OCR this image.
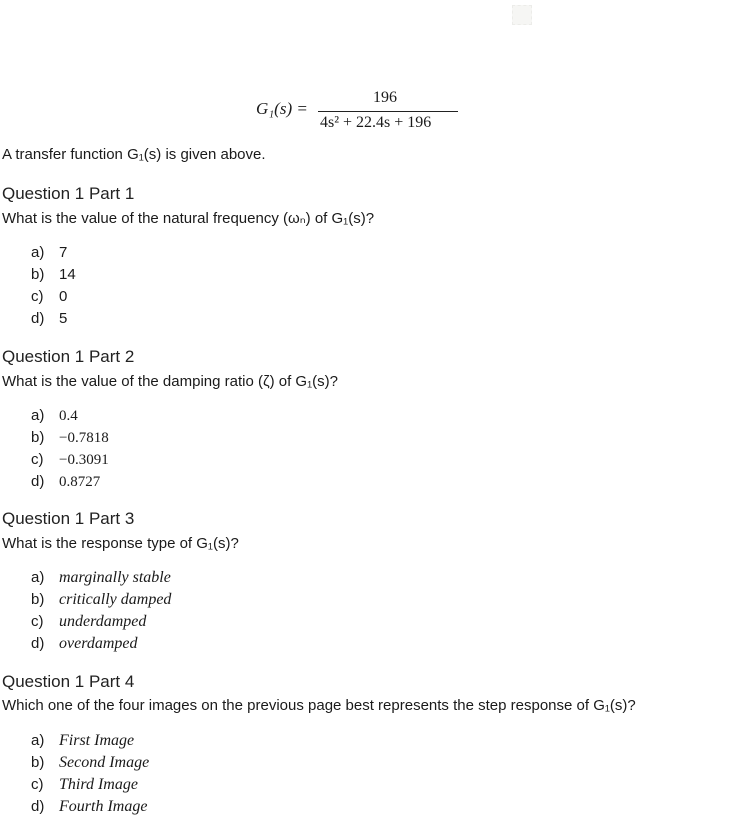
G₁(s) =
196
4s² + 22.4s + 196
A transfer function G₁(s) is given above.
Question 1 Part 1
What is the value of the natural frequency (ωₙ) of G₁(s)?
a) 7
b) 14
c) 0
d) 5
Question 1 Part 2
What is the value of the damping ratio (ζ) of G₁(s)?
a) 0.4
b) −0.7818
c) −0.3091
d) 0.8727
Question 1 Part 3
What is the response type of G₁(s)?
a) marginally stable
b) critically damped
c) underdamped
d) overdamped
Question 1 Part 4
Which one of the four images on the previous page best represents the step response of G₁(s)?
a) First Image
b) Second Image
c) Third Image
d) Fourth Image
